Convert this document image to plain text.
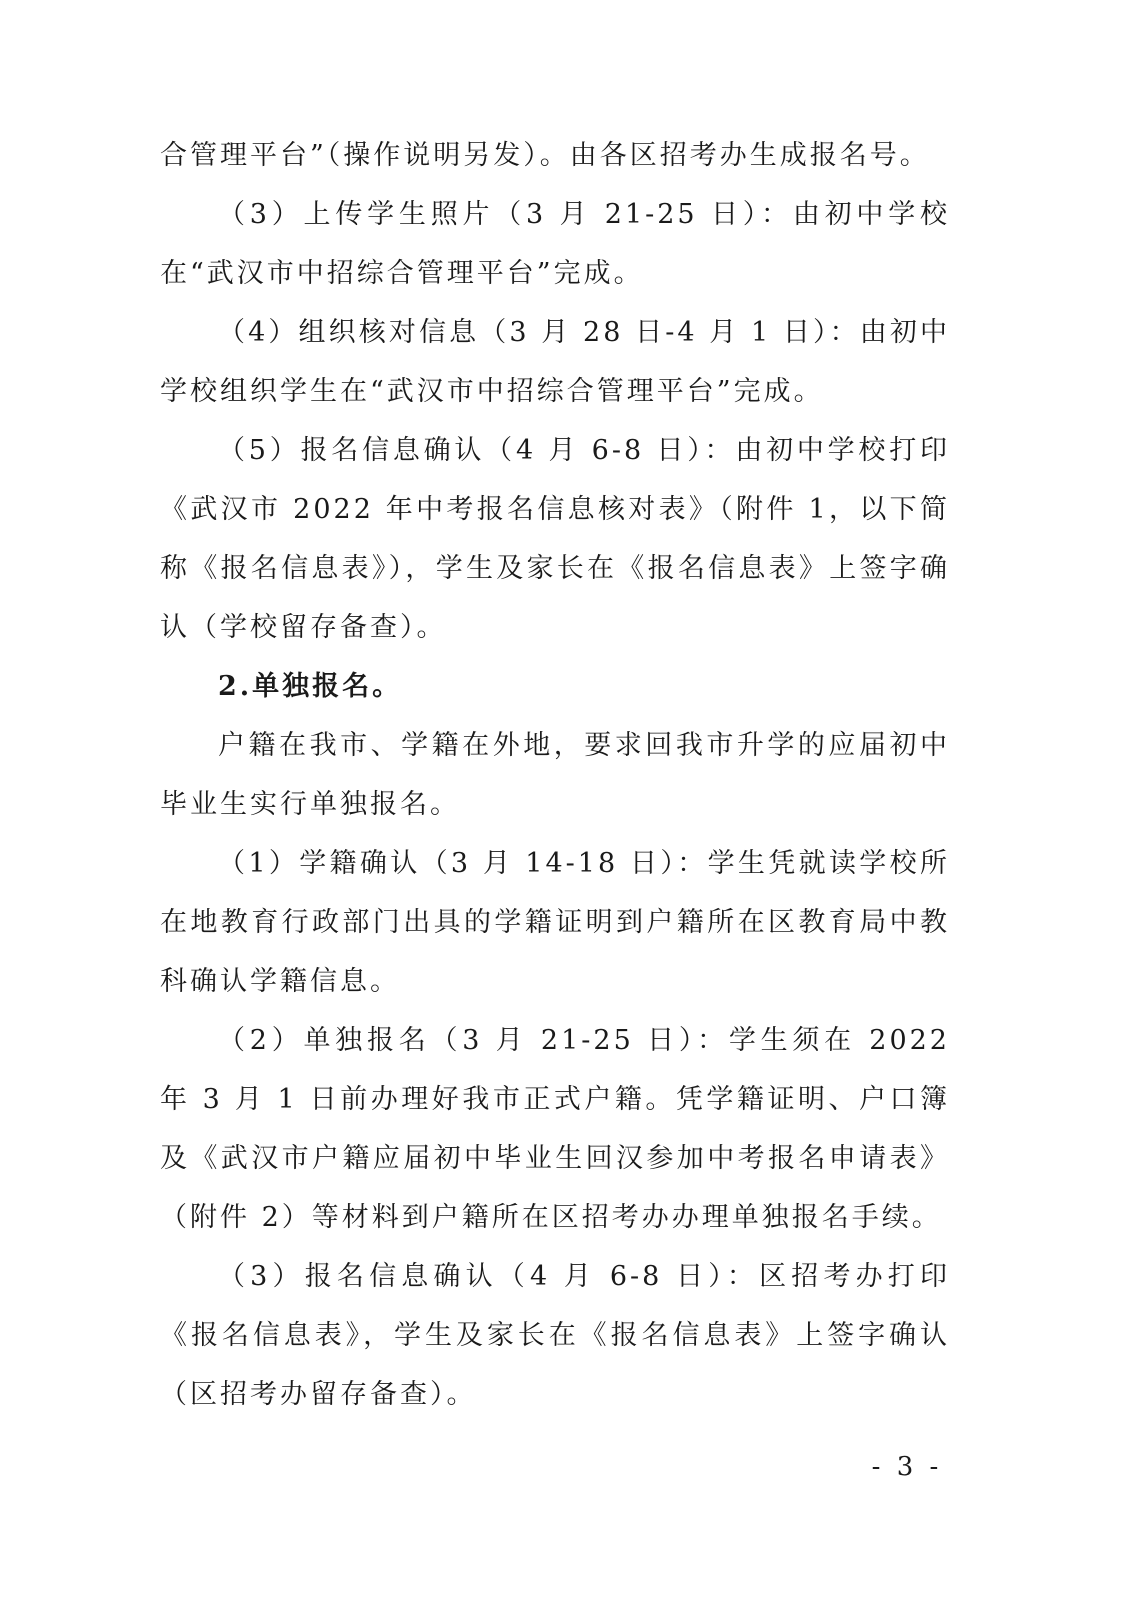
合管理平台”（操作说明另发）。由各区招考办生成报名号。

（3）上传学生照片（3 月 21-25 日）：由初中学校在“武汉市中招综合管理平台”完成。

（4）组织核对信息（3 月 28 日-4 月 1 日）：由初中学校组织学生在“武汉市中招综合管理平台”完成。

（5）报名信息确认（4 月 6-8 日）：由初中学校打印《武汉市 2022 年中考报名信息核对表》（附件 1，以下简称《报名信息表》），学生及家长在《报名信息表》上签字确认（学校留存备查）。

2.单独报名。

户籍在我市、学籍在外地，要求回我市升学的应届初中毕业生实行单独报名。

（1）学籍确认（3 月 14-18 日）：学生凭就读学校所在地教育行政部门出具的学籍证明到户籍所在区教育局中教科确认学籍信息。

（2）单独报名（3 月 21-25 日）：学生须在 2022 年 3 月 1 日前办理好我市正式户籍。凭学籍证明、户口簿及《武汉市户籍应届初中毕业生回汉参加中考报名申请表》（附件 2）等材料到户籍所在区招考办办理单独报名手续。

（3）报名信息确认（4 月 6-8 日）：区招考办打印《报名信息表》，学生及家长在《报名信息表》上签字确认（区招考办留存备查）。

- 3 -
